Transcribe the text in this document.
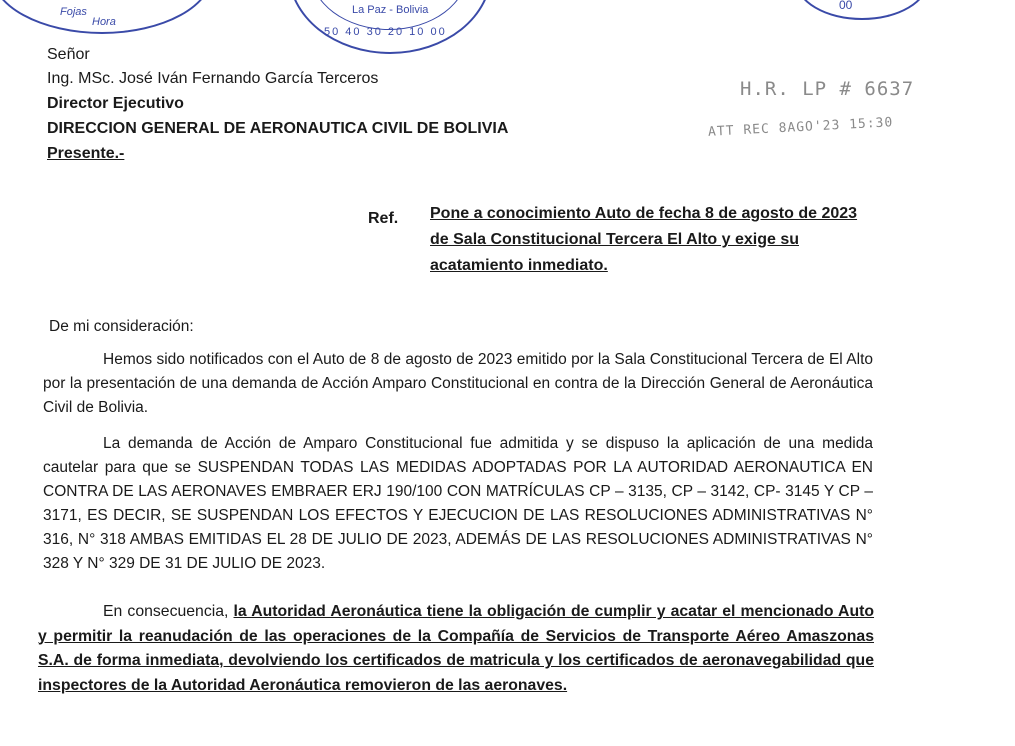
Fojas
Hora
La Paz - Bolivia
50 40 30 20 10 00
00
Señor
Ing. MSc. José Iván Fernando García Terceros
Director Ejecutivo
DIRECCION GENERAL DE AERONAUTICA CIVIL DE BOLIVIA
Presente.-
H.R. LP # 6637
ATT REC 8AGO'23 15:30
Ref. Pone a conocimiento Auto de fecha 8 de agosto de 2023 de Sala Constitucional Tercera El Alto y exige su acatamiento inmediato.
De mi consideración:
Hemos sido notificados con el Auto de 8 de agosto de 2023 emitido por la Sala Constitucional Tercera de El Alto por la presentación de una demanda de Acción Amparo Constitucional en contra de la Dirección General de Aeronáutica Civil de Bolivia.
La demanda de Acción de Amparo Constitucional fue admitida y se dispuso la aplicación de una medida cautelar para que se SUSPENDAN TODAS LAS MEDIDAS ADOPTADAS POR LA AUTORIDAD AERONAUTICA EN CONTRA DE LAS AERONAVES EMBRAER ERJ 190/100 CON MATRÍCULAS CP – 3135, CP – 3142, CP- 3145 Y CP – 3171, ES DECIR, SE SUSPENDAN LOS EFECTOS Y EJECUCION DE LAS RESOLUCIONES ADMINISTRATIVAS N° 316, N° 318 AMBAS EMITIDAS EL 28 DE JULIO DE 2023, ADEMÁS DE LAS RESOLUCIONES ADMINISTRATIVAS N° 328 Y N° 329 DE 31 DE JULIO DE 2023.
En consecuencia, la Autoridad Aeronáutica tiene la obligación de cumplir y acatar el mencionado Auto y permitir la reanudación de las operaciones de la Compañía de Servicios de Transporte Aéreo Amaszonas S.A. de forma inmediata, devolviendo los certificados de matricula y los certificados de aeronavegabilidad que inspectores de la Autoridad Aeronáutica removieron de las aeronaves.
